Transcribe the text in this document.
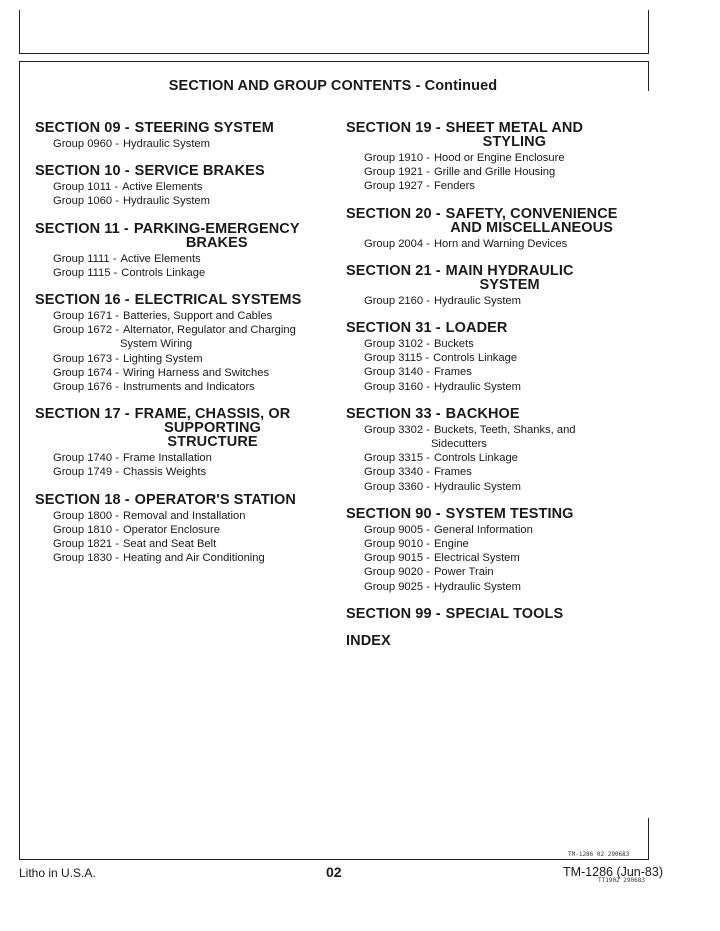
SECTION AND GROUP CONTENTS - Continued
SECTION 09 - STEERING SYSTEM
Group 0960 - Hydraulic System
SECTION 10 - SERVICE BRAKES
Group 1011 - Active Elements
Group 1060 - Hydraulic System
SECTION 11 - PARKING-EMERGENCY
BRAKES
Group 1111 - Active Elements
Group 1115 - Controls Linkage
SECTION 16 - ELECTRICAL SYSTEMS
Group 1671 - Batteries, Support and Cables
Group 1672 - Alternator, Regulator and Charging
System Wiring
Group 1673 - Lighting System
Group 1674 - Wiring Harness and Switches
Group 1676 - Instruments and Indicators
SECTION 17 - FRAME, CHASSIS, OR
SUPPORTING
STRUCTURE
Group 1740 - Frame Installation
Group 1749 - Chassis Weights
SECTION 18 - OPERATOR'S STATION
Group 1800 - Removal and Installation
Group 1810 - Operator Enclosure
Group 1821 - Seat and Seat Belt
Group 1830 - Heating and Air Conditioning
SECTION 19 - SHEET METAL AND
STYLING
Group 1910 - Hood or Engine Enclosure
Group 1921 - Grille and Grille Housing
Group 1927 - Fenders
SECTION 20 - SAFETY, CONVENIENCE
AND MISCELLANEOUS
Group 2004 - Horn and Warning Devices
SECTION 21 - MAIN HYDRAULIC
SYSTEM
Group 2160 - Hydraulic System
SECTION 31 - LOADER
Group 3102 - Buckets
Group 3115 - Controls Linkage
Group 3140 - Frames
Group 3160 - Hydraulic System
SECTION 33 - BACKHOE
Group 3302 - Buckets, Teeth, Shanks, and
Sidecutters
Group 3315 - Controls Linkage
Group 3340 - Frames
Group 3360 - Hydraulic System
SECTION 90 - SYSTEM TESTING
Group 9005 - General Information
Group 9010 - Engine
Group 9015 - Electrical System
Group 9020 - Power Train
Group 9025 - Hydraulic System
SECTION 99 - SPECIAL TOOLS
INDEX
TM-1286 02 290683
Litho in U.S.A.	02	TM-1286 (Jun-83)
TT1902 290683
